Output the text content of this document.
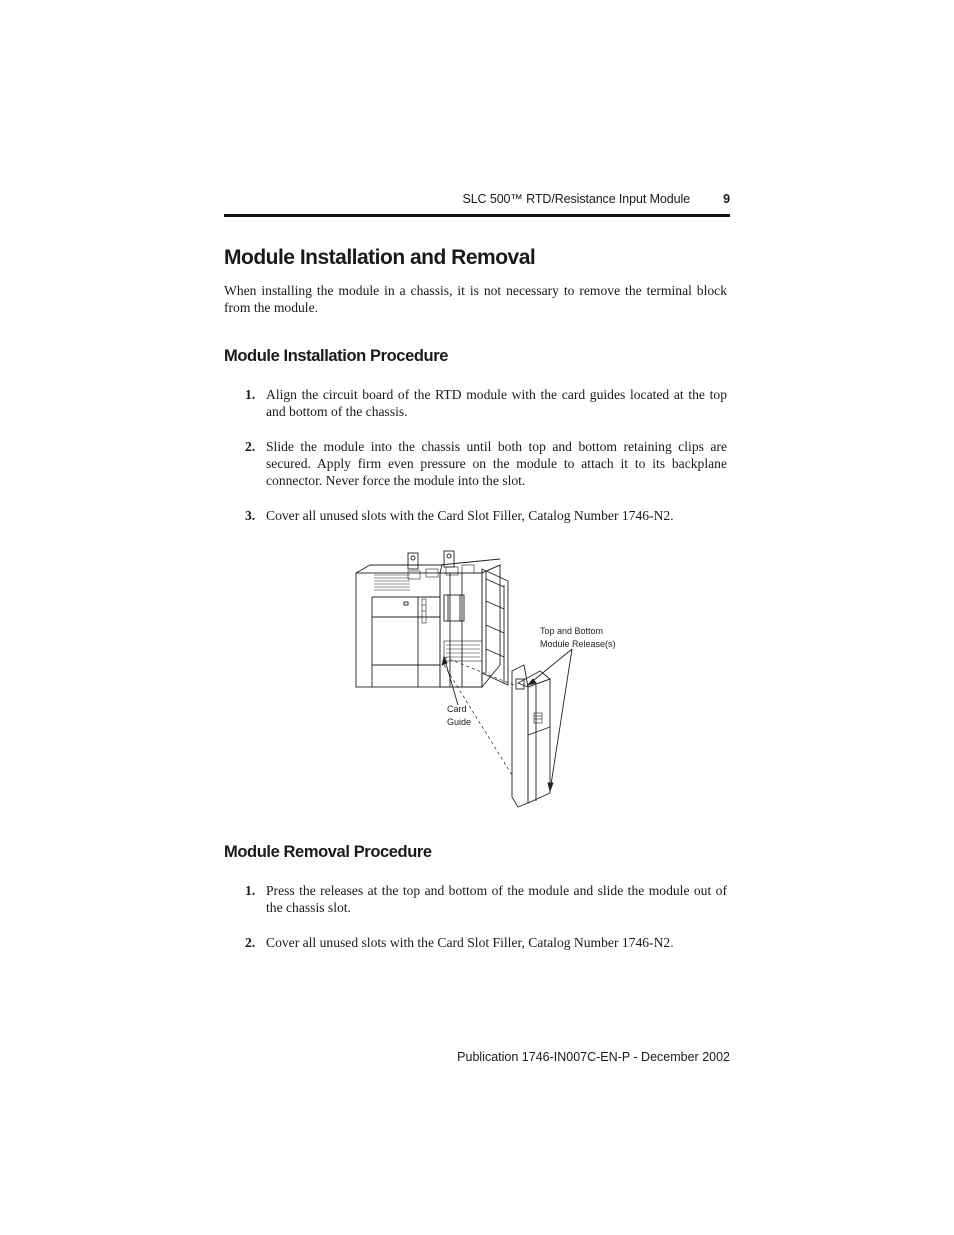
SLC 500™ RTD/Resistance Input Module	9
Module Installation and Removal

When installing the module in a chassis, it is not necessary to remove the terminal block from the module.

Module Installation Procedure
1. Align the circuit board of the RTD module with the card guides located at the top and bottom of the chassis.
2. Slide the module into the chassis until both top and bottom retaining clips are secured. Apply firm even pressure on the module to attach it to its backplane connector. Never force the module into the slot.
3. Cover all unused slots with the Card Slot Filler, Catalog Number 1746-N2.
Top and Bottom
Module Release(s)
Card
Guide
Module Removal Procedure
1. Press the releases at the top and bottom of the module and slide the module out of the chassis slot.
2. Cover all unused slots with the Card Slot Filler, Catalog Number 1746-N2.
Publication 1746-IN007C-EN-P - December 2002
